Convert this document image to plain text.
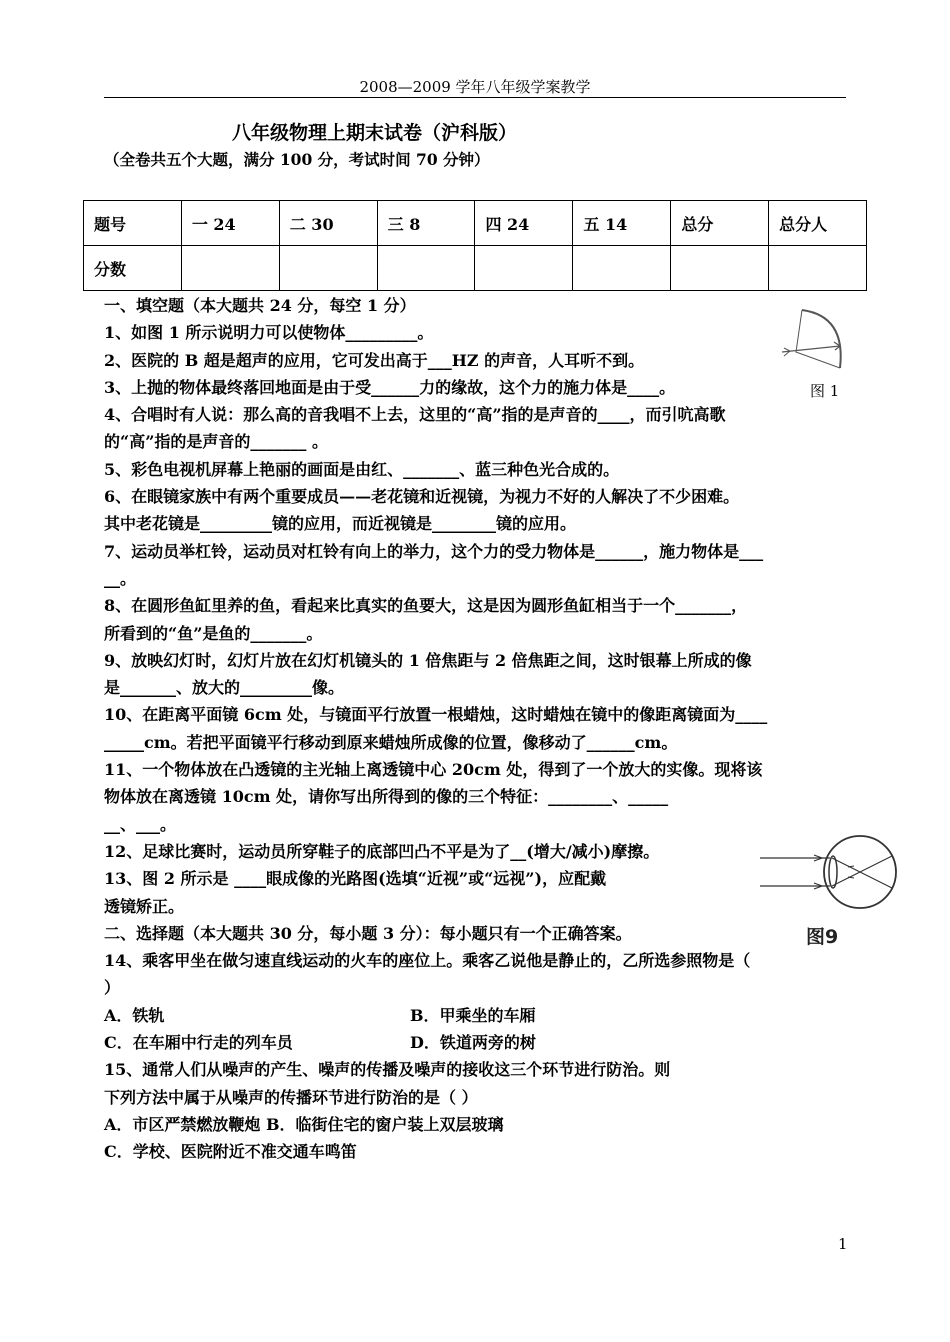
2008—2009 学年八年级学案教学
八年级物理上期末试卷（沪科版）
（全卷共五个大题，满分 100 分，考试时间 70 分钟）
题号	一 24	二 30	三 8	四 24	五 14	总分	总分人
分数							
图 1
图9

一、填空题（本大题共 24 分，每空 1 分）

1、如图 1 所示说明力可以使物体_________。

2、医院的 B 超是超声的应用，它可发出高于___HZ 的声音，人耳听不到。

3、上抛的物体最终落回地面是由于受______力的缘故，这个力的施力体是____。

4、合唱时有人说：那么高的音我唱不上去，这里的“高”指的是声音的____，而引吭高歌

的“高”指的是声音的_______ 。

5、彩色电视机屏幕上艳丽的画面是由红、_______、蓝三种色光合成的。

6、在眼镜家族中有两个重要成员——老花镜和近视镜，为视力不好的人解决了不少困难。

其中老花镜是_________镜的应用，而近视镜是________镜的应用。

7、运动员举杠铃，运动员对杠铃有向上的举力，这个力的受力物体是______，施力物体是___

__。

8、在圆形鱼缸里养的鱼，看起来比真实的鱼要大，这是因为圆形鱼缸相当于一个_______，

所看到的“鱼”是鱼的_______。

9、放映幻灯时，幻灯片放在幻灯机镜头的 1 倍焦距与 2 倍焦距之间，这时银幕上所成的像

是_______、放大的_________像。

10、在距离平面镜 6cm 处，与镜面平行放置一根蜡烛，这时蜡烛在镜中的像距离镜面为____

_____cm。若把平面镜平行移动到原来蜡烛所成像的位置，像移动了______cm。

11、一个物体放在凸透镜的主光轴上离透镜中心 20cm 处，得到了一个放大的实像。现将该

物体放在离透镜 10cm 处，请你写出所得到的像的三个特征：________、_____

__、___。

12、足球比赛时，运动员所穿鞋子的底部凹凸不平是为了__(增大/减小)摩擦。

13、图 2 所示是 ____眼成像的光路图(选填“近视”或“远视”)，应配戴

透镜矫正。

二、选择题（本大题共 30 分，每小题 3 分）：每小题只有一个正确答案。

14、乘客甲坐在做匀速直线运动的火车的座位上。乘客乙说他是静止的，乙所选参照物是（

）

A．铁轨	B．甲乘坐的车厢
C．在车厢中行走的列车员	D．铁道两旁的树

15、通常人们从噪声的产生、噪声的传播及噪声的接收这三个环节进行防治。则

下列方法中属于从噪声的传播环节进行防治的是（ ）

A．市区严禁燃放鞭炮 B．临街住宅的窗户装上双层玻璃

C．学校、医院附近不准交通车鸣笛

1
